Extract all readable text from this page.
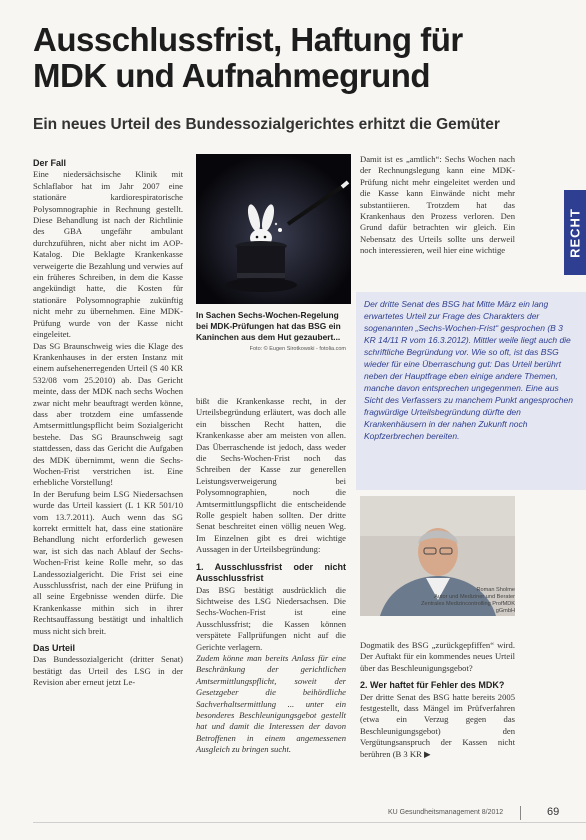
Ausschlussfrist, Haftung für
MDK und Aufnahmegrund
Ein neues Urteil des Bundessozialgerichtes erhitzt die Gemüter
RECHT

Der Fall

Eine niedersächsische Klinik mit Schlaflabor hat im Jahr 2007 eine stationäre kardiorespiratorische Polysomnographie in Rechnung gestellt. Diese Behandlung ist nach der Richtlinie des GBA ungefähr ambulant durchzuführen, nicht aber nicht im AOP-Katalog. Die Beklagte Krankenkasse verweigerte die Bezahlung und verwies auf ein früheres Schreiben, in dem die Kasse angekündigt hatte, die Kosten für stationäre Polysomnographie zukünftig nicht mehr zu übernehmen. Eine MDK-Prüfung wurde von der Kasse nicht eingeleitet.

Das SG Braunschweig wies die Klage des Krankenhauses in der ersten Instanz mit einem aufsehenerregenden Urteil (S 40 KR 532/08 vom 25.2010) ab. Das Gericht meinte, dass der MDK nach sechs Wochen zwar nicht mehr beauftragt werden könne, dass aber trotzdem eine umfassende Amtsermittlungspflicht beim Sozialgericht bestehe. Das SG Braunschweig sagt stattdessen, dass das Gericht die Aufgaben des MDK übernimmt, wenn die Sechs-Wochen-Frist verstrichen ist. Eine erhebliche Vorstellung!

In der Berufung beim LSG Niedersachsen wurde das Urteil kassiert (L 1 KR 501/10 vom 13.7.2011). Auch wenn das SG korrekt ermittelt hat, dass eine stationäre Behandlung nicht erforderlich gewesen war, ist sich das nach Ablauf der Sechs-Wochen-Frist keine Rolle mehr, so das Landessozialgericht. Die Frist sei eine Ausschlussfrist, nach der eine Prüfung in all seine Ergebnisse wenden dürfe. Die Krankenkasse mithin sich in ihrer Rechtsauffassung bestätigt und inhaltlich muss nicht sich breit.

Das Urteil

Das Bundessozialgericht (dritter Senat) bestätigt das Urteil des LSG in der Revision aber erneut jetzt Le-

In Sachen Sechs-Wochen-Regelung bei MDK-Prüfungen hat das BSG ein Kaninchen aus dem Hut gezaubert...
Foto: © Eugen Sirotkowski - fotolia.com

bißt die Krankenkasse recht, in der Urteilsbegründung erläutert, was doch alle ein bisschen Recht hatten, die Krankenkasse aber am meisten von allen. Das Überraschende ist jedoch, dass weder die Sechs-Wochen-Frist noch das Schreiben der Kasse zur generellen Leistungsverweigerung bei Polysomnographien, noch die Amtsermittlungspflicht die entscheidende Rolle gespielt haben sollten. Der dritte Senat beschreitet einen völlig neuen Weg. Im Einzelnen gibt es drei wichtige Aussagen in der Urteilsbegründung:

1. Ausschlussfrist oder nicht Ausschlussfrist

Das BSG bestätigt ausdrücklich die Sichtweise des LSG Niedersachsen. Die Sechs-Wochen-Frist ist eine Ausschlussfrist; die Kassen können verspätete Fallprüfungen nicht auf die Gerichte verlagern.

Zudem könne man bereits Anlass für eine Beschränkung der gerichtlichen Amtsermittlungspflicht, soweit der Gesetzgeber die beihördliche Sachverhaltsermittlung ... unter ein besonderes Beschleunigungsgebot gestellt hat und damit die Interessen der davon Betroffenen in einem angemessenen Ausgleich zu bringen sucht.

Damit ist es „amtlich“: Sechs Wochen nach der Rechnungslegung kann eine MDK-Prüfung nicht mehr eingeleitet werden und die Kasse kann Einwände nicht mehr substantiieren. Trotzdem hat das Krankenhaus den Prozess verloren. Den Grund dafür betrachten wir gleich. Ein Nebensatz des Urteils sollte uns derweil noch interessieren, weil hier eine wichtige

Der dritte Senat des BSG hat Mitte März ein lang erwartetes Urteil zur Frage des Charakters der sogenannten „Sechs-Wochen-Frist“ gesprochen (B 3 KR 14/11 R vom 16.3.2012). Mittler weile liegt auch die schriftliche Begründung vor. Wie so oft, ist das BSG wieder für eine Überraschung gut: Das Urteil berührt neben der Hauptfrage eben einige andere Themen, manche davon entsprechen ungegenmen. Eine aus Sicht des Verfassers zu manchem Punkt angesprochen fragwürdige Urteilsbegründung dürfte den Krankenhäusern in der nahen Zukunft noch Kopfzerbrechen bereiten.
Roman Sholme
Autor und Mediziner und Berater Zentrales Medizincontrolling ProfMDK gGmbH

Dogmatik des BSG „zurückgepfiffen“ wird. Der Auftakt für ein kommendes neues Urteil über das Beschleunigungsgebot?

2. Wer haftet für Fehler des MDK?

Der dritte Senat des BSG hatte bereits 2005 festgestellt, dass Mängel im Prüfverfahren (etwa ein Verzug gegen das Beschleunigungsgebot) den Vergütungsanspruch der Kassen nicht berühren (B 3 KR ▶

KU Gesundheitsmanagement 8/2012	69
